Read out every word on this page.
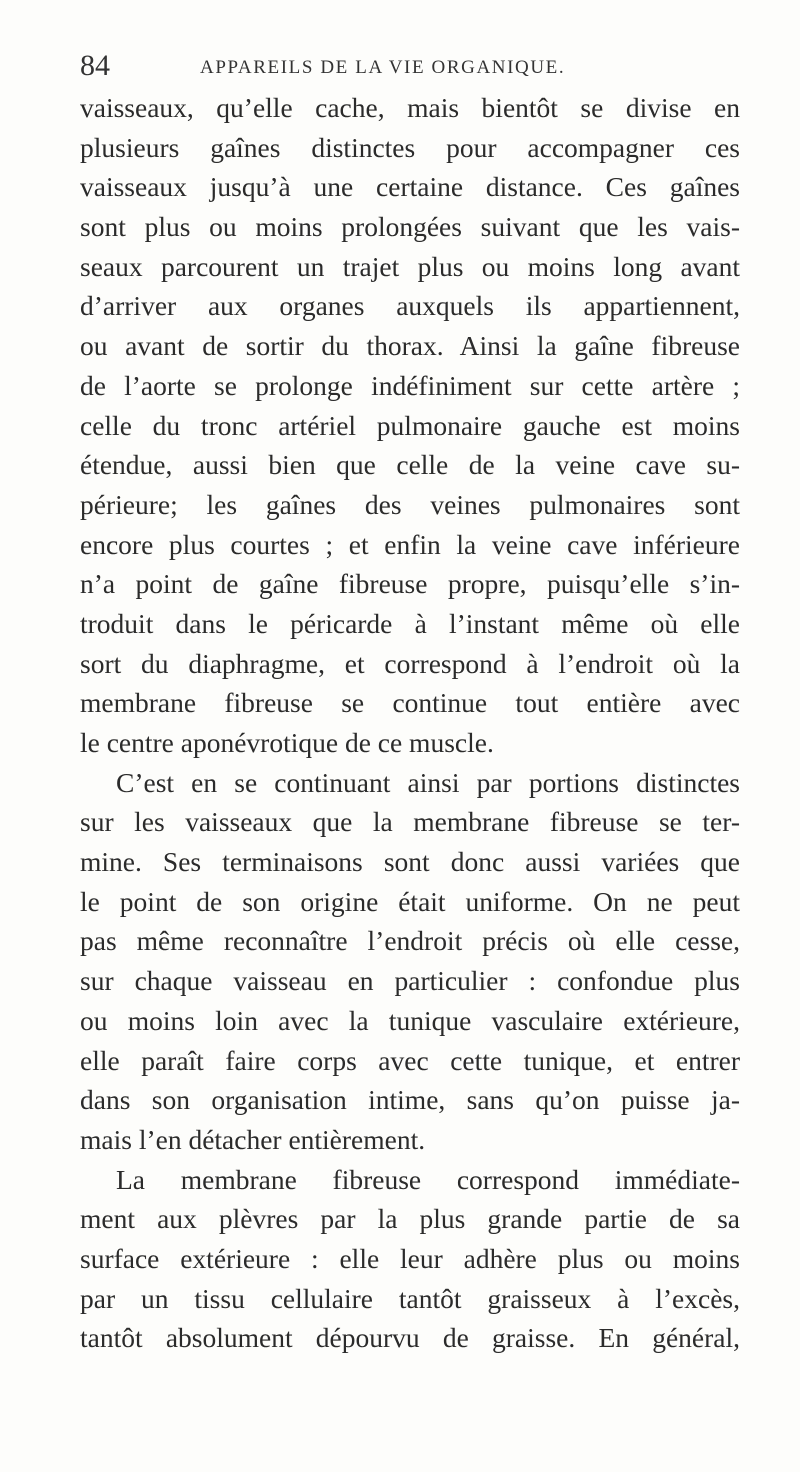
84	APPAREILS DE LA VIE ORGANIQUE.
vaisseaux, qu’elle cache, mais bientôt se divise en
plusieurs gaînes distinctes pour accompagner ces
vaisseaux jusqu’à une certaine distance. Ces gaînes
sont plus ou moins prolongées suivant que les vais-
seaux parcourent un trajet plus ou moins long avant
d’arriver aux organes auxquels ils appartiennent,
ou avant de sortir du thorax. Ainsi la gaîne fibreuse
de l’aorte se prolonge indéfiniment sur cette artère ;
celle du tronc artériel pulmonaire gauche est moins
étendue, aussi bien que celle de la veine cave su-
périeure; les gaînes des veines pulmonaires sont
encore plus courtes ; et enfin la veine cave inférieure
n’a point de gaîne fibreuse propre, puisqu’elle s’in-
troduit dans le péricarde à l’instant même où elle
sort du diaphragme, et correspond à l’endroit où la
membrane fibreuse se continue tout entière avec
le centre aponévrotique de ce muscle.
C’est en se continuant ainsi par portions distinctes
sur les vaisseaux que la membrane fibreuse se ter-
mine. Ses terminaisons sont donc aussi variées que
le point de son origine était uniforme. On ne peut
pas même reconnaître l’endroit précis où elle cesse,
sur chaque vaisseau en particulier : confondue plus
ou moins loin avec la tunique vasculaire extérieure,
elle paraît faire corps avec cette tunique, et entrer
dans son organisation intime, sans qu’on puisse ja-
mais l’en détacher entièrement.
La membrane fibreuse correspond immédiate-
ment aux plèvres par la plus grande partie de sa
surface extérieure : elle leur adhère plus ou moins
par un tissu cellulaire tantôt graisseux à l’excès,
tantôt absolument dépourvu de graisse. En général,
